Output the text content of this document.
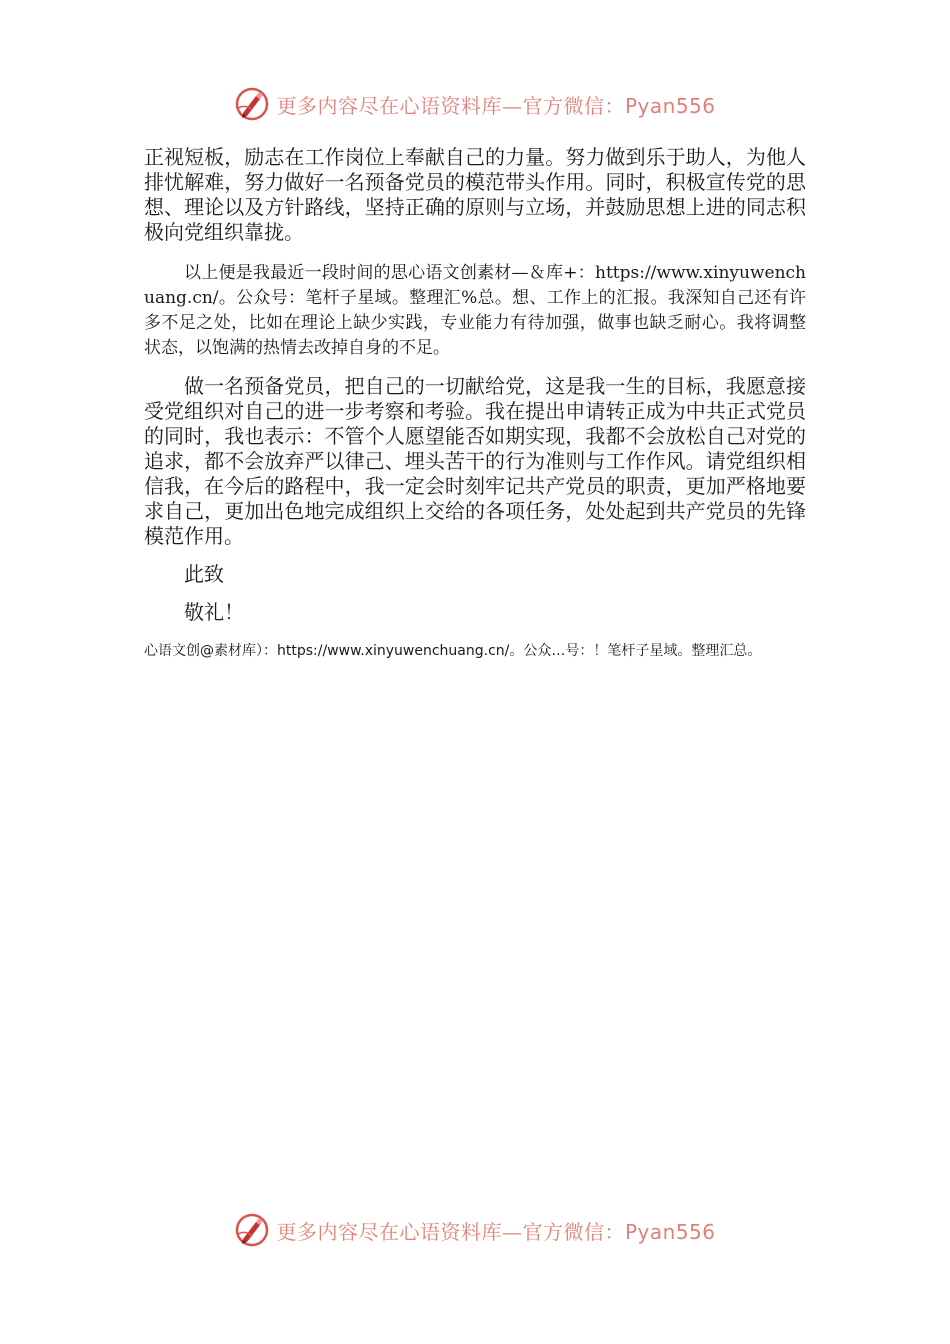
更多内容尽在心语资料库—官方微信：Pyan556

正视短板，励志在工作岗位上奉献自己的力量。努力做到乐于助人，为他人排忧解难，努力做好一名预备党员的模范带头作用。同时，积极宣传党的思想、理论以及方针路线，坚持正确的原则与立场，并鼓励思想上进的同志积极向党组织靠拢。

以上便是我最近一段时间的思心语文创素材—＆库+：https://www.xinyuwenchuang.cn/。公众号：笔杆子星域。整理汇%总。想、工作上的汇报。我深知自己还有许多不足之处，比如在理论上缺少实践，专业能力有待加强，做事也缺乏耐心。我将调整状态，以饱满的热情去改掉自身的不足。

做一名预备党员，把自己的一切献给党，这是我一生的目标，我愿意接受党组织对自己的进一步考察和考验。我在提出申请转正成为中共正式党员的同时，我也表示：不管个人愿望能否如期实现，我都不会放松自己对党的追求，都不会放弃严以律己、埋头苦干的行为准则与工作作风。请党组织相信我，在今后的路程中，我一定会时刻牢记共产党员的职责，更加严格地要求自己，更加出色地完成组织上交给的各项任务，处处起到共产党员的先锋模范作用。

此致

敬礼！

心语文创@素材库）：https://www.xinyuwenchuang.cn/。公众…号：！笔杆子星域。整理汇总。

更多内容尽在心语资料库—官方微信：Pyan556
